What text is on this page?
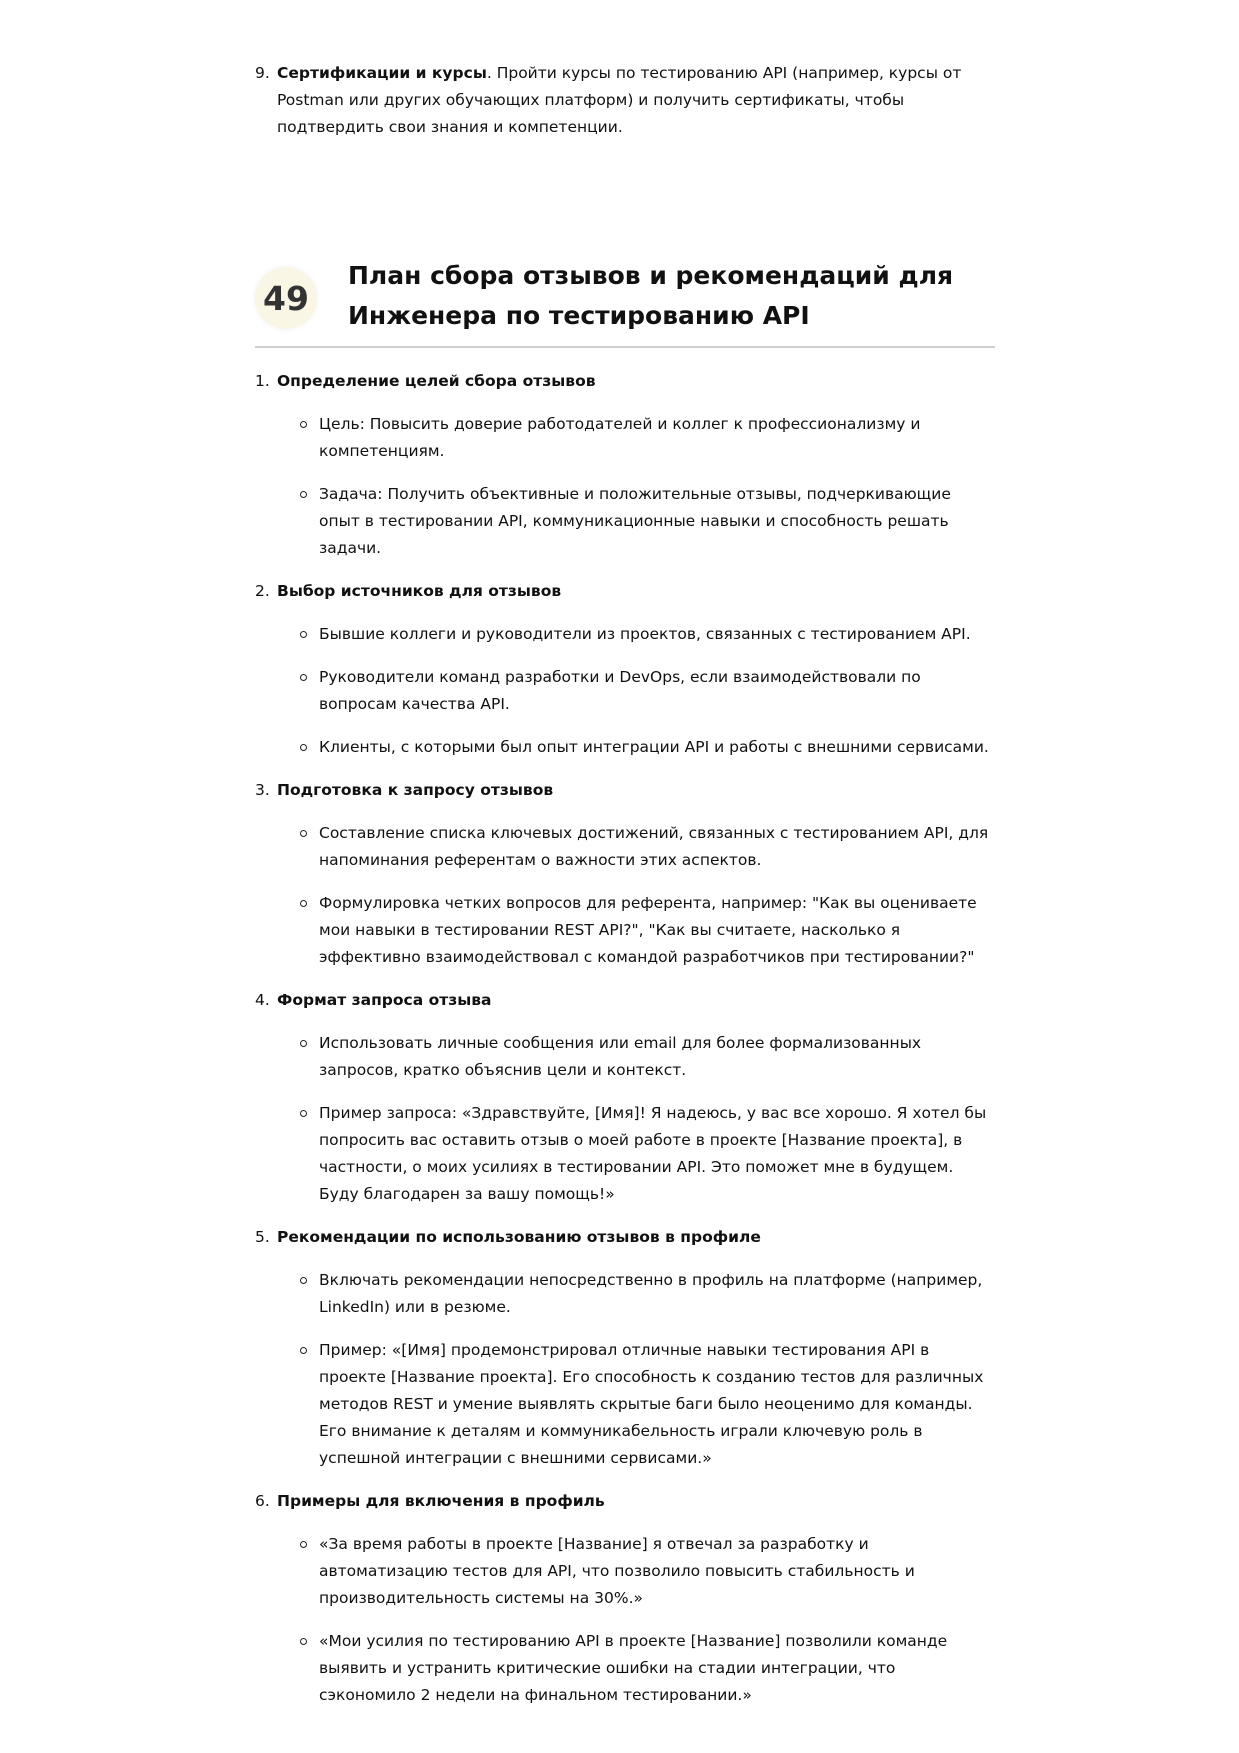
9. Сертификации и курсы. Пройти курсы по тестированию API (например, курсы от Postman или других обучающих платформ) и получить сертификаты, чтобы подтвердить свои знания и компетенции.
49
План сбора отзывов и рекомендаций для
Инженера по тестированию API
1. Определение целей сбора отзывов
Цель: Повысить доверие работодателей и коллег к профессионализму и компетенциям.
Задача: Получить объективные и положительные отзывы, подчеркивающие опыт в тестировании API, коммуникационные навыки и способность решать задачи.
2. Выбор источников для отзывов
Бывшие коллеги и руководители из проектов, связанных с тестированием API.
Руководители команд разработки и DevOps, если взаимодействовали по вопросам качества API.
Клиенты, с которыми был опыт интеграции API и работы с внешними сервисами.
3. Подготовка к запросу отзывов
Составление списка ключевых достижений, связанных с тестированием API, для напоминания референтам о важности этих аспектов.
Формулировка четких вопросов для референта, например: "Как вы оцениваете мои навыки в тестировании REST API?", "Как вы считаете, насколько я эффективно взаимодействовал с командой разработчиков при тестировании?"
4. Формат запроса отзыва
Использовать личные сообщения или email для более формализованных запросов, кратко объяснив цели и контекст.
Пример запроса: «Здравствуйте, [Имя]! Я надеюсь, у вас все хорошо. Я хотел бы попросить вас оставить отзыв о моей работе в проекте [Название проекта], в частности, о моих усилиях в тестировании API. Это поможет мне в будущем. Буду благодарен за вашу помощь!»
5. Рекомендации по использованию отзывов в профиле
Включать рекомендации непосредственно в профиль на платформе (например, LinkedIn) или в резюме.
Пример: «[Имя] продемонстрировал отличные навыки тестирования API в проекте [Название проекта]. Его способность к созданию тестов для различных методов REST и умение выявлять скрытые баги было неоценимо для команды. Его внимание к деталям и коммуникабельность играли ключевую роль в успешной интеграции с внешними сервисами.»
6. Примеры для включения в профиль
«За время работы в проекте [Название] я отвечал за разработку и автоматизацию тестов для API, что позволило повысить стабильность и производительность системы на 30%.»
«Мои усилия по тестированию API в проекте [Название] позволили команде выявить и устранить критические ошибки на стадии интеграции, что сэкономило 2 недели на финальном тестировании.»
